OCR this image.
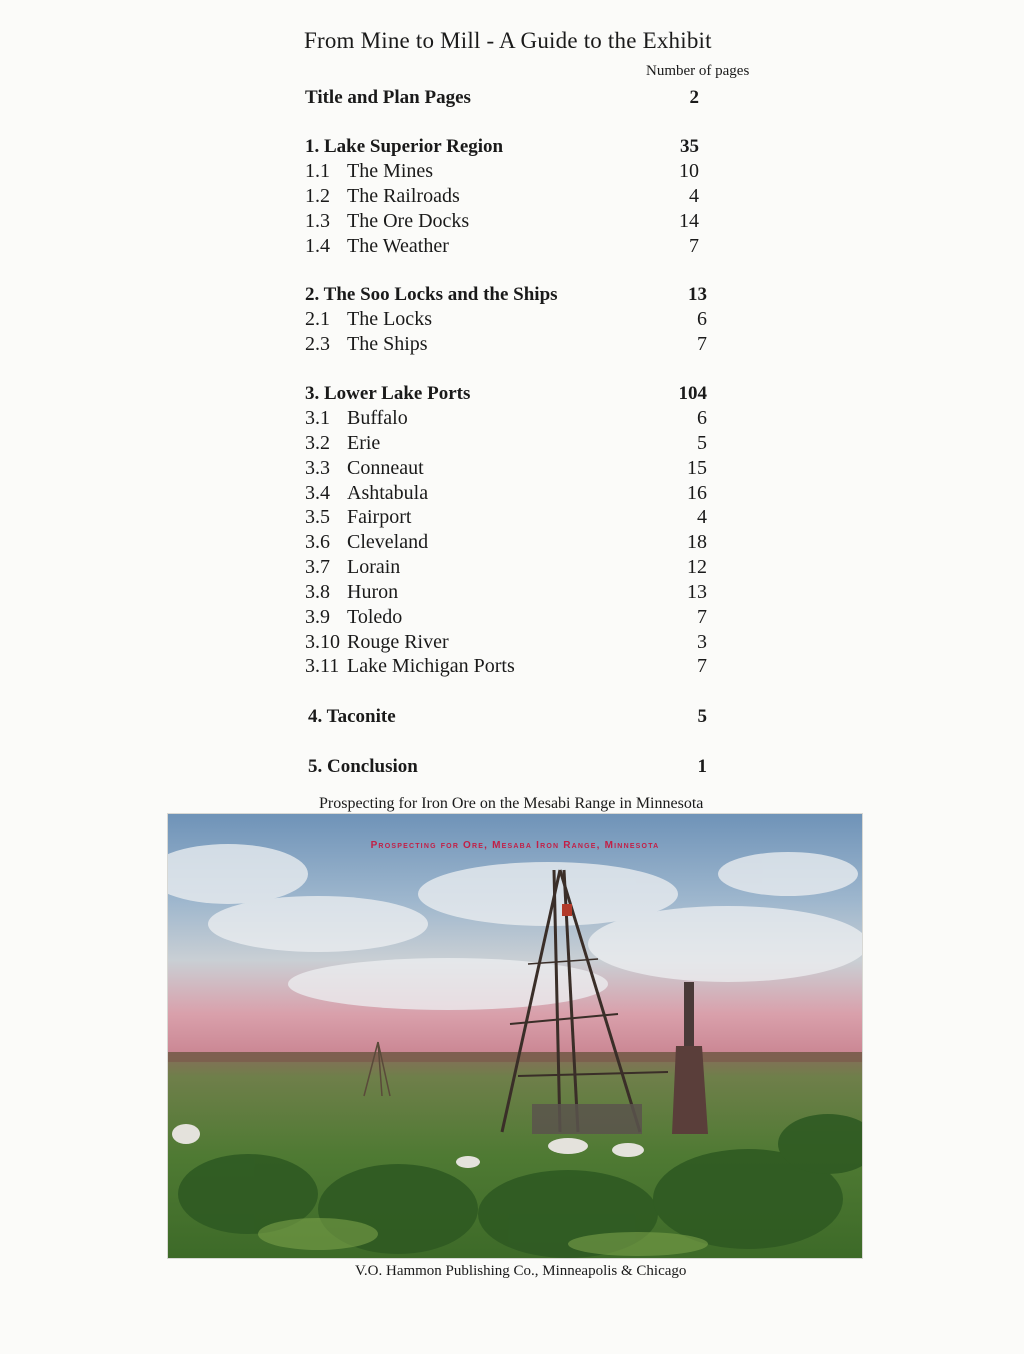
From Mine to Mill - A Guide to the Exhibit
Number of pages
Title and Plan Pages	2
1. Lake Superior Region	35
1.1 The Mines	10
1.2 The Railroads	4
1.3 The Ore Docks	14
1.4 The Weather	7
2. The Soo Locks and the Ships	13
2.1 The Locks	6
2.3 The Ships	7
3. Lower Lake Ports	104
3.1 Buffalo	6
3.2 Erie	5
3.3 Conneaut	15
3.4 Ashtabula	16
3.5 Fairport	4
3.6 Cleveland	18
3.7 Lorain	12
3.8 Huron	13
3.9 Toledo	7
3.10 Rouge River	3
3.11 Lake Michigan Ports	7
4. Taconite	5
5. Conclusion	1
Prospecting for Iron Ore on the Mesabi Range in Minnesota
Prospecting for Ore, Mesaba Iron Range, Minnesota
V.O. Hammon Publishing Co., Minneapolis & Chicago
